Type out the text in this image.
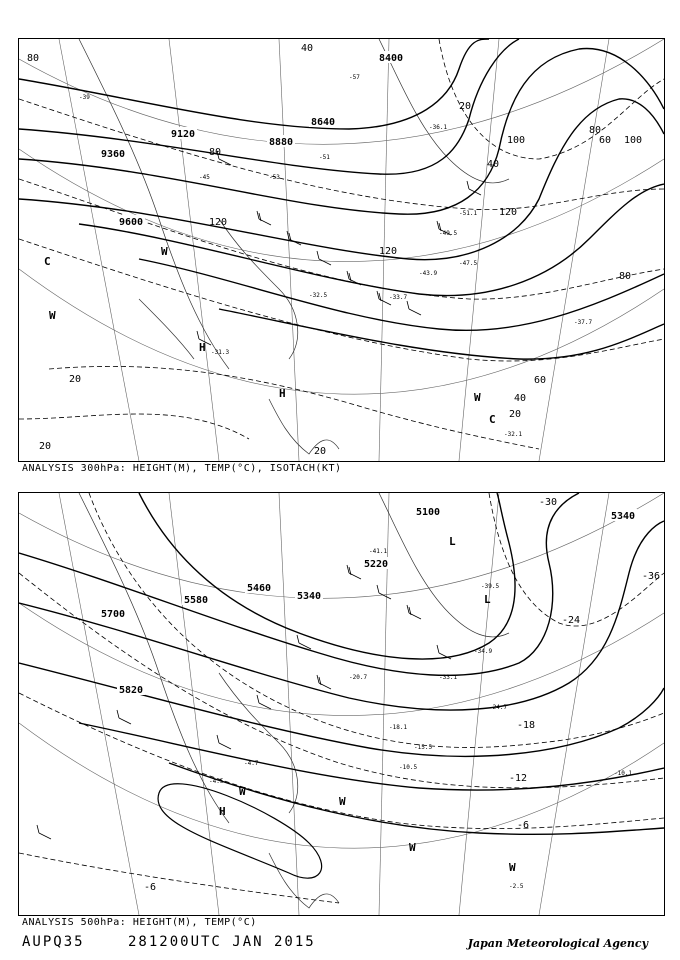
8400
8640
8880
9120
9360
9600
80
40
20
40
120
100
120
80
80
60 100
120
80
60
40
20
20
20	20
-39
-45
-51
-57
-53
-47.5
-43.9
-33.7
-37.7
-32.5
-31.3
-36.1
-51.1
-49.5
-32.1
H
H
C
C
W
W
W
ANALYSIS 300hPa: HEIGHT(M), TEMP(°C), ISOTACH(KT)
5100
5220
5340
5460
5580
5700
5820
5340
-36
-30
-24
-18
-12
-6
-6
-33.1
-24.7
-20.7
-18.1
-15.5
-10.5
-10.1
-4.5
-4.7
-2.5
-34.9
-39.5
-41.1
L
L
H
W
W
W
W
ANALYSIS 500hPa: HEIGHT(M), TEMP(°C)
AUPQ35	281200UTC JAN 2015	Japan Meteorological Agency
